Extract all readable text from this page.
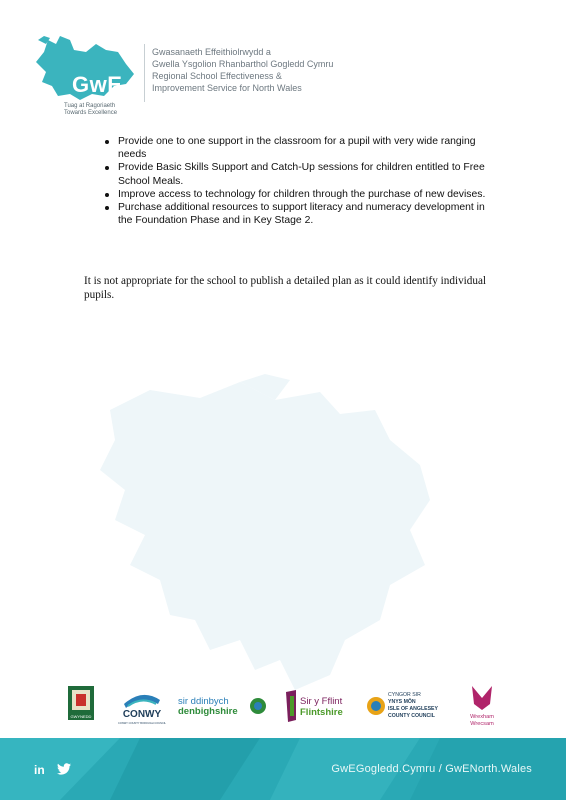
GwE
Tuag at Ragoriaeth
Towards Excellence
Gwasanaeth Effeithiolrwydd a
Gwella Ysgolion Rhanbarthol Gogledd Cymru
Regional School Effectiveness &
Improvement Service for North Wales
Provide one to one support in the classroom for a pupil with very wide ranging needs
Provide Basic Skills Support and Catch-Up sessions for children entitled to Free School Meals.
Improve access to technology for children through the purchase of new devises.
Purchase additional resources to support literacy and numeracy development in the Foundation Phase and in Key Stage 2.

It is not appropriate for the school to publish a detailed plan as it could identify individual pupils.

GWYNEDD	CONWY
CONWY COUNTY BOROUGH COUNCIL
sir ddinbych
denbighshire
Sir y Fflint
Flintshire
CYNGOR SIR
YNYS MÔN
ISLE OF ANGLESEY
COUNTY COUNCIL	Wrexham
Wrecsam
in	GwEGogledd.Cymru / GwENorth.Wales
